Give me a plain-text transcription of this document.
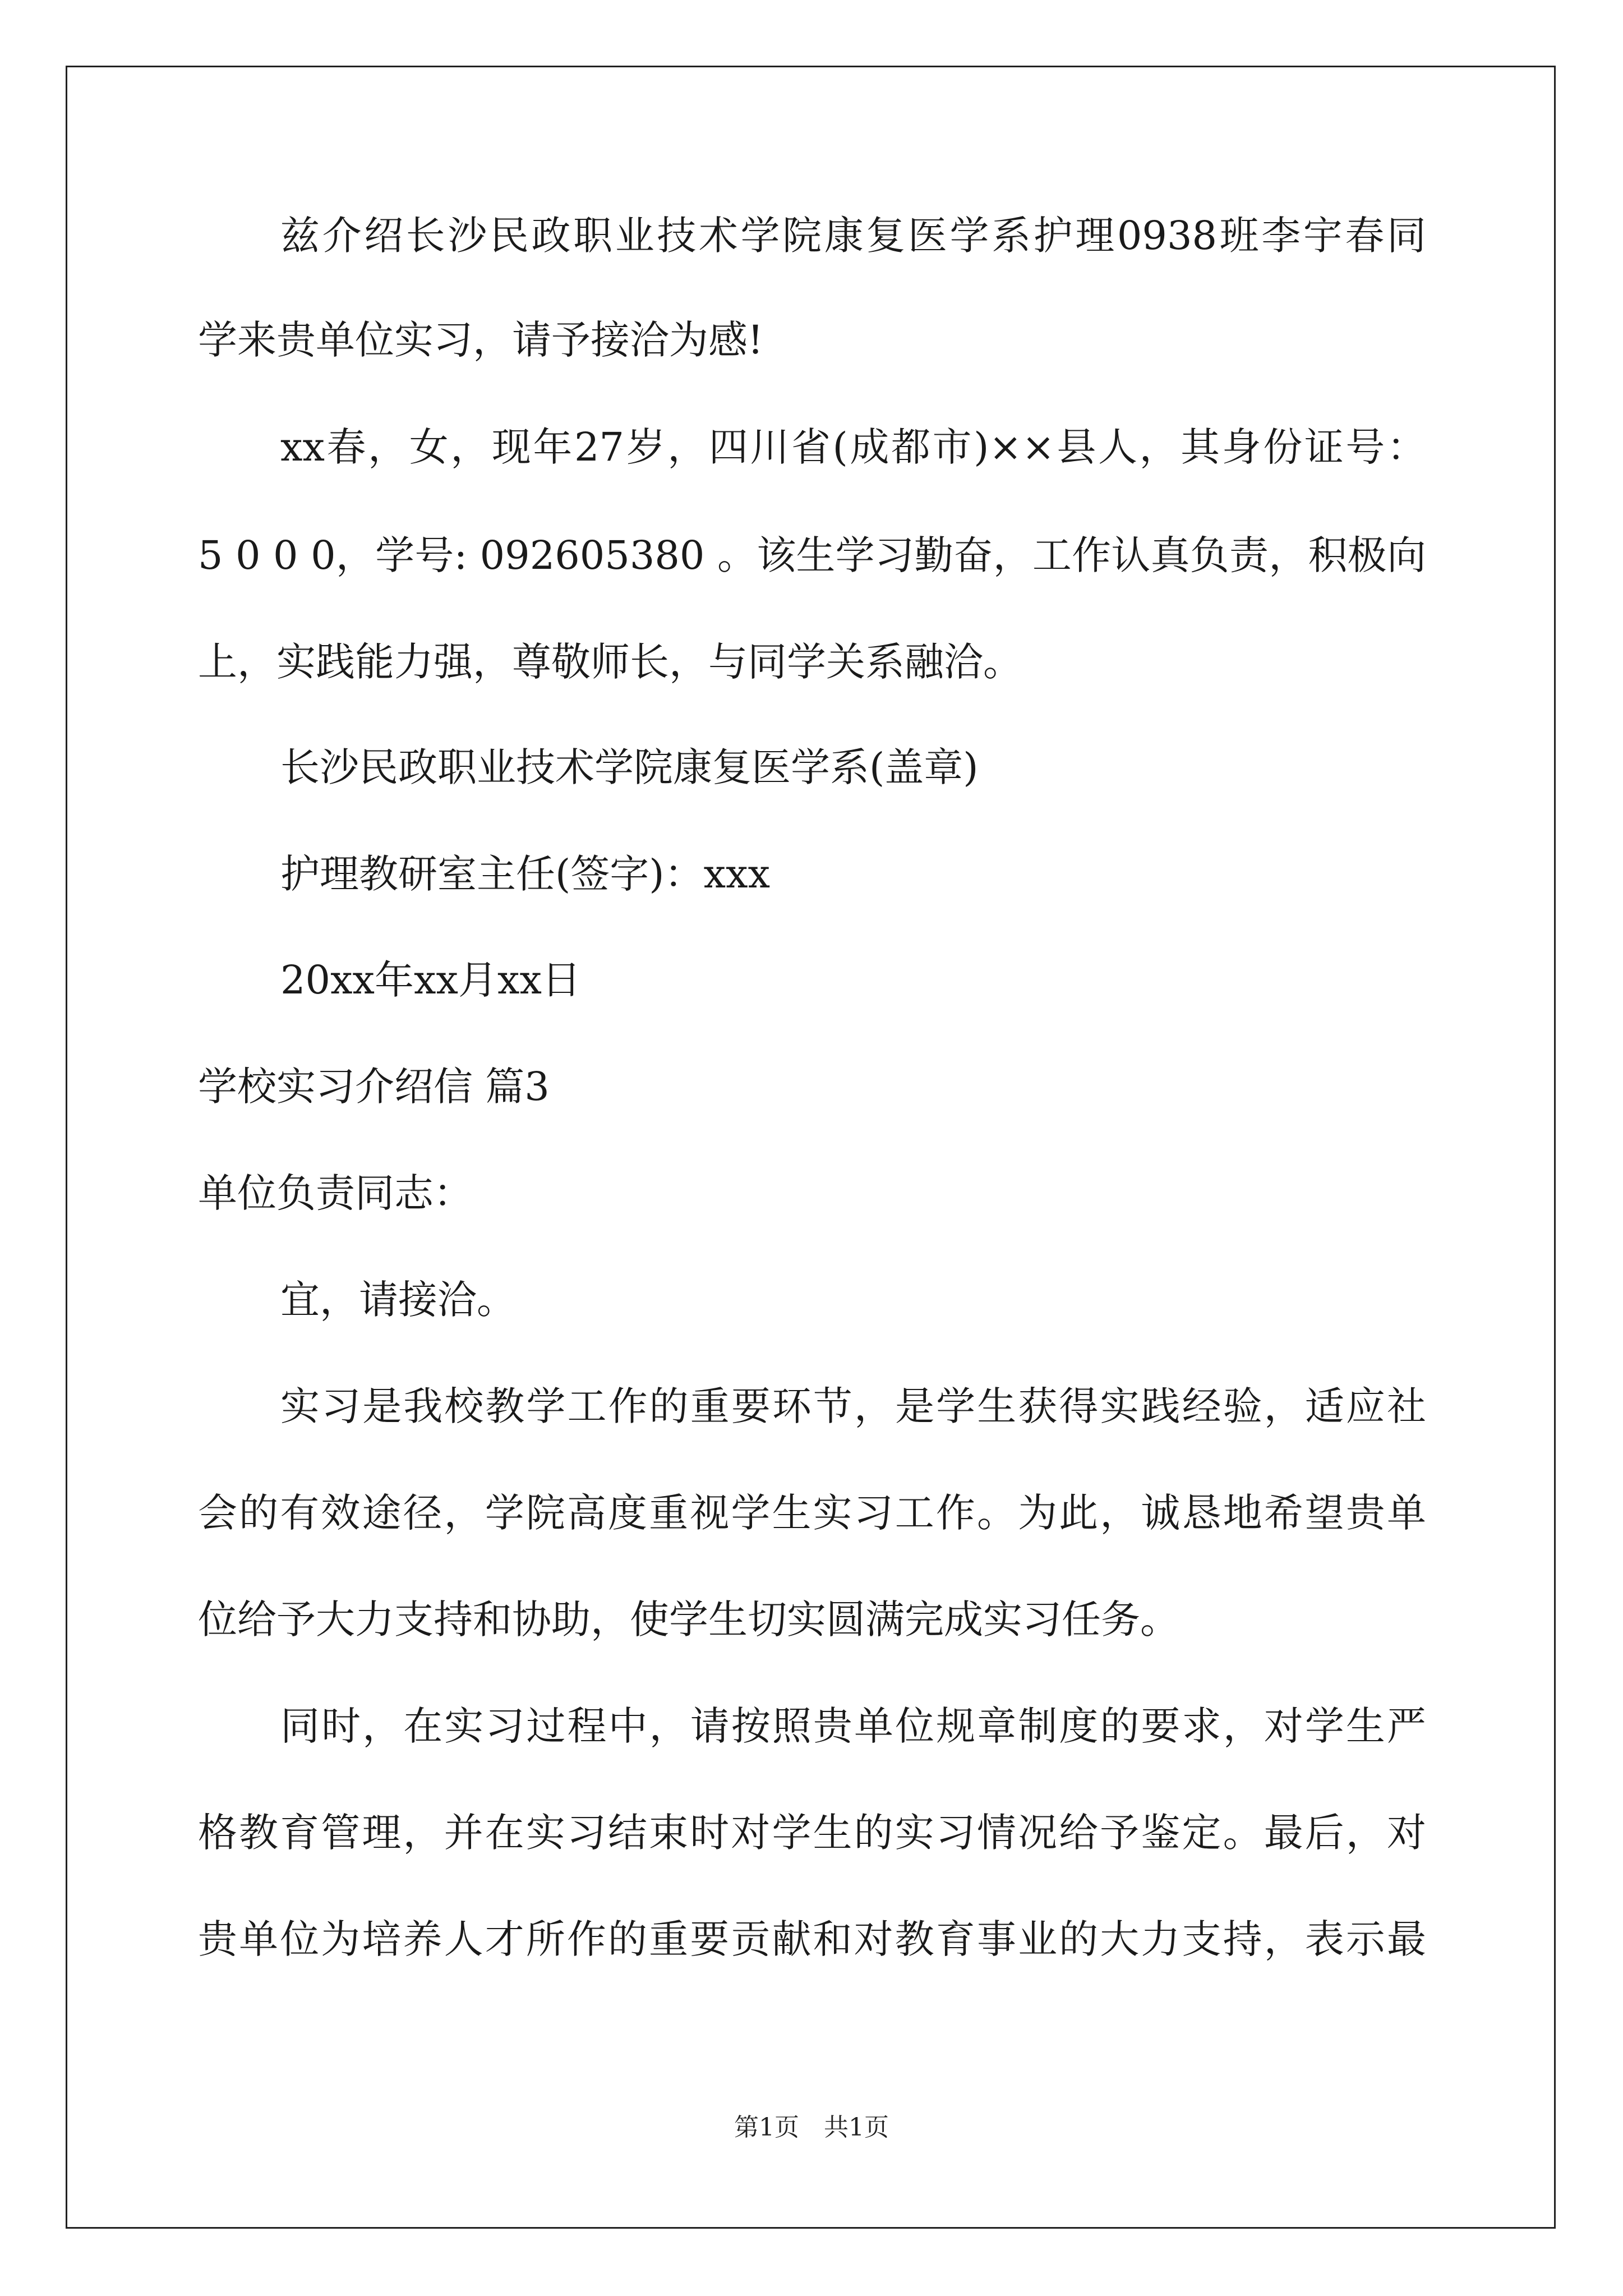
兹介绍长沙民政职业技术学院康复医学系护理0938班李宇春同
学来贵单位实习，请予接洽为感!
xx春，女，现年27岁，四川省(成都市)××县人，其身份证号：
5 0 0 0，学号: 092605380 。该生学习勤奋，工作认真负责，积极向
上，实践能力强，尊敬师长，与同学关系融洽。
长沙民政职业技术学院康复医学系(盖章)
护理教研室主任(签字)：xxx
20xx年xx月xx日
学校实习介绍信 篇3
单位负责同志：
宜，请接洽。
实习是我校教学工作的重要环节，是学生获得实践经验，适应社
会的有效途径，学院高度重视学生实习工作。为此，诚恳地希望贵单
位给予大力支持和协助，使学生切实圆满完成实习任务。
同时，在实习过程中，请按照贵单位规章制度的要求，对学生严
格教育管理，并在实习结束时对学生的实习情况给予鉴定。最后，对
贵单位为培养人才所作的重要贡献和对教育事业的大力支持，表示最
第1页　共1页
